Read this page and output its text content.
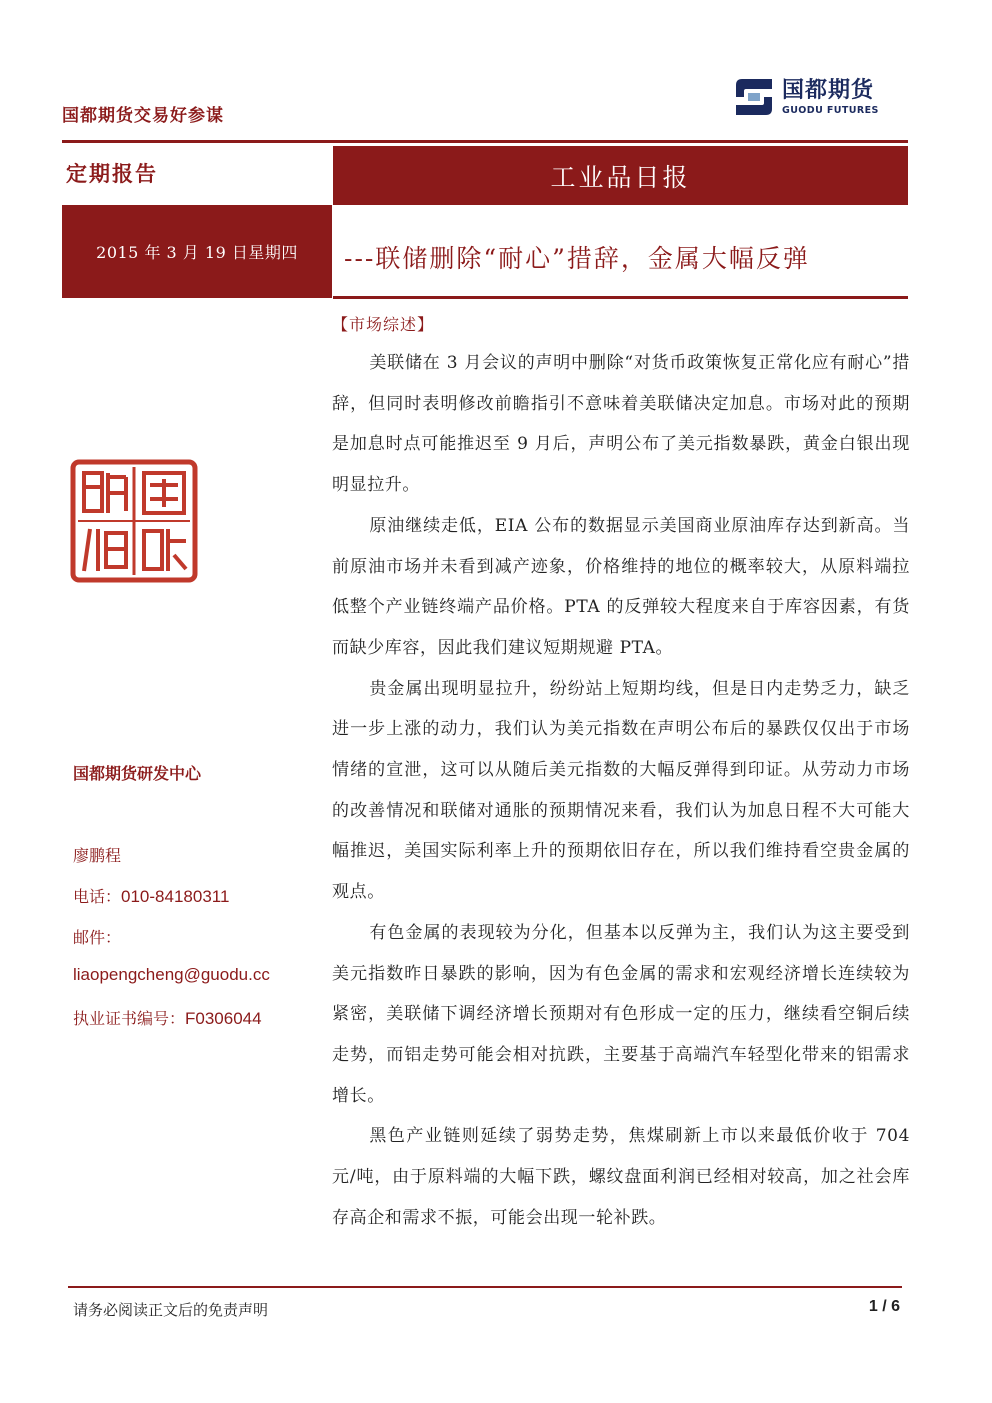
国都期货交易好参谋
国都期货
GUODU FUTURES
定期报告	工业品日报
2015 年 3 月 19 日星期四 ---联储删除“耐心”措辞，金属大幅反弹
国都期货研发中心
廖鹏程
电话：010-84180311
邮件：
liaopengcheng@guodu.cc
执业证书编号：F0306044
【市场综述】

美联储在 3 月会议的声明中删除“对货币政策恢复正常化应有耐心”措辞，但同时表明修改前瞻指引不意味着美联储决定加息。市场对此的预期是加息时点可能推迟至 9 月后，声明公布了美元指数暴跌，黄金白银出现明显拉升。

原油继续走低，EIA 公布的数据显示美国商业原油库存达到新高。当前原油市场并未看到减产迹象，价格维持的地位的概率较大，从原料端拉低整个产业链终端产品价格。PTA 的反弹较大程度来自于库容因素，有货而缺少库容，因此我们建议短期规避 PTA。

贵金属出现明显拉升，纷纷站上短期均线，但是日内走势乏力，缺乏进一步上涨的动力，我们认为美元指数在声明公布后的暴跌仅仅出于市场情绪的宣泄，这可以从随后美元指数的大幅反弹得到印证。从劳动力市场的改善情况和联储对通胀的预期情况来看，我们认为加息日程不大可能大幅推迟，美国实际利率上升的预期依旧存在，所以我们维持看空贵金属的观点。

有色金属的表现较为分化，但基本以反弹为主，我们认为这主要受到美元指数昨日暴跌的影响，因为有色金属的需求和宏观经济增长连续较为紧密，美联储下调经济增长预期对有色形成一定的压力，继续看空铜后续走势，而铝走势可能会相对抗跌，主要基于高端汽车轻型化带来的铝需求增长。

黑色产业链则延续了弱势走势，焦煤刷新上市以来最低价收于 704 元/吨，由于原料端的大幅下跌，螺纹盘面利润已经相对较高，加之社会库存高企和需求不振，可能会出现一轮补跌。

请务必阅读正文后的免责声明	1 / 6
